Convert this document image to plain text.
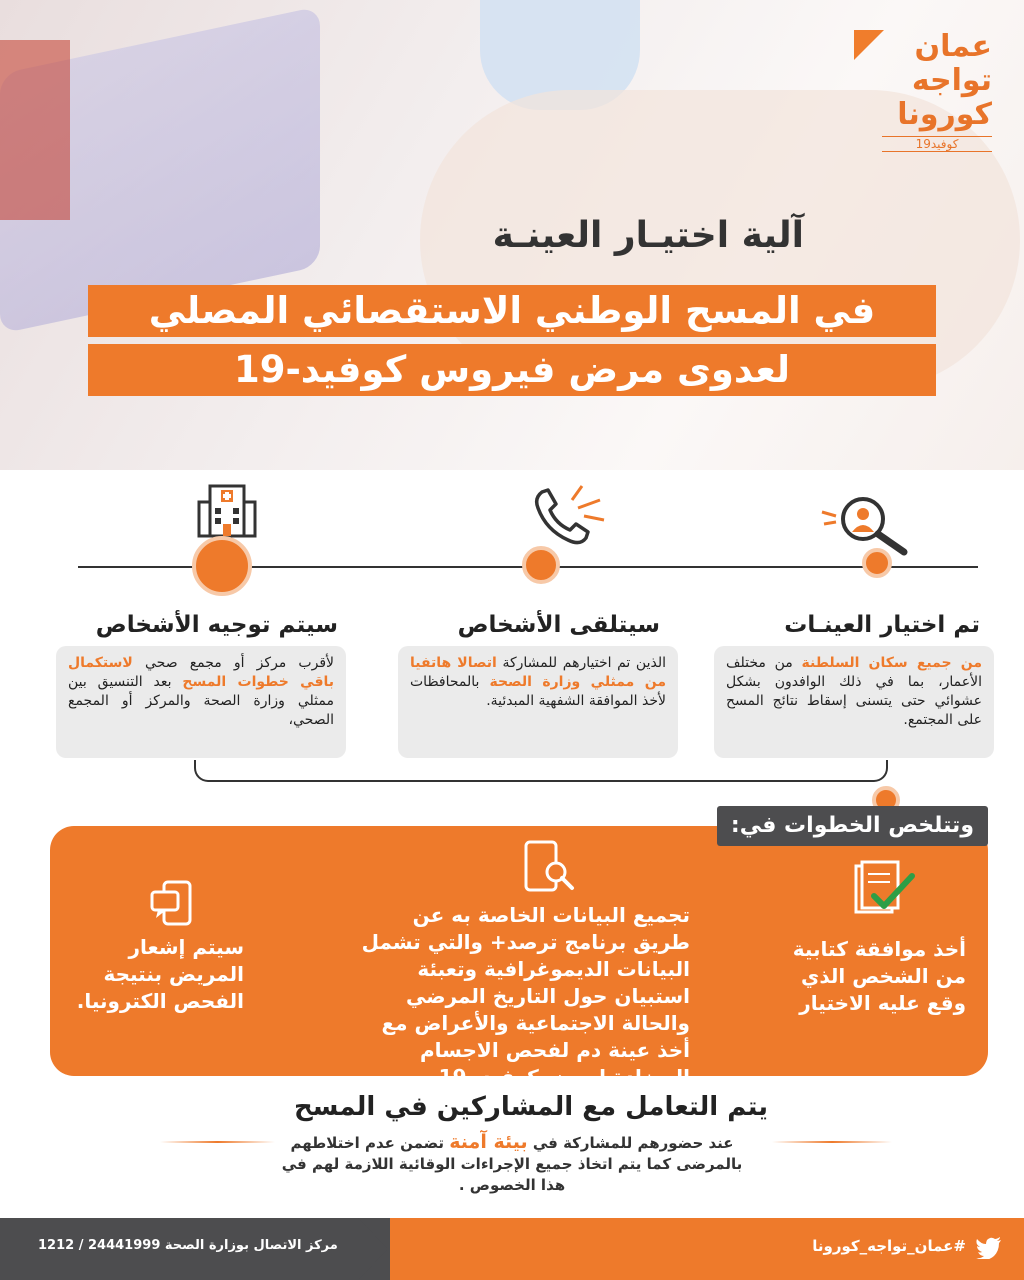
عمان
تواجه
كورونا
كوفيد19
آلية اختيـار العينـة
في المسح الوطني الاستقصائي المصلي
لعدوى مرض فيروس كوفيد-19
تم اختيار العينـات
سيتلقى الأشخاص
سيتم توجيه الأشخاص
من جميع سكان السلطنة من مختلف الأعمار، بما في ذلك الوافدون بشكل عشوائي حتى يتسنى إسقاط نتائج المسح على المجتمع.
الذين تم اختيارهم للمشاركة اتصالا هاتفيا من ممثلي وزارة الصحة بالمحافظات لأخذ الموافقة الشفهية المبدئية.
لأقرب مركز أو مجمع صحي لاستكمال باقي خطوات المسح بعد التنسيق بين ممثلي وزارة الصحة والمركز أو المجمع الصحي،
وتتلخص الخطوات في:
أخذ موافقة كتابية من الشخص الذي وقع عليه الاختيار
تجميع البيانات الخاصة به عن طريق برنامج ترصد+ والتي تشمل البيانات الديموغرافية وتعبئة استبيان حول التاريخ المرضي والحالة الاجتماعية والأعراض مع أخذ عينة دم لفحص الاجسام المضادة لمرض كوفيد- 19
سيتم إشعار المريض بنتيجة الفحص الكترونيا.
يتم التعامل مع المشاركين في المسح
عند حضورهم للمشاركة في بيئة آمنة تضمن عدم اختلاطهم بالمرضى كما يتم اتخاذ جميع الإجراءات الوقائية اللازمة لهم في هذا الخصوص .
#عمان_تواجه_كورونا
مركز الاتصال بوزارة الصحة 24441999 / 1212
